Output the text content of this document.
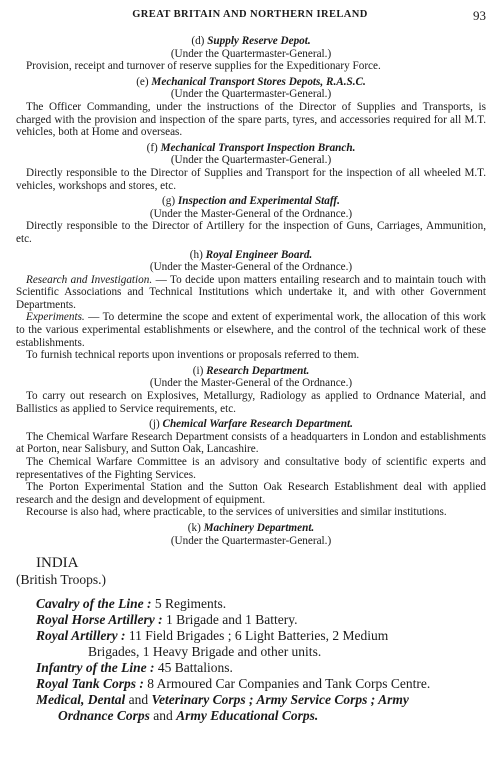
GREAT BRITAIN AND NORTHERN IRELAND	93
(d) Supply Reserve Depot.
(Under the Quartermaster-General.)
Provision, receipt and turnover of reserve supplies for the Expeditionary Force.
(e) Mechanical Transport Stores Depots, R.A.S.C.
(Under the Quartermaster-General.)
The Officer Commanding, under the instructions of the Director of Supplies and Transports, is charged with the provision and inspection of the spare parts, tyres, and accessories required for all M.T. vehicles, both at Home and overseas.
(f) Mechanical Transport Inspection Branch.
(Under the Quartermaster-General.)
Directly responsible to the Director of Supplies and Transport for the inspection of all wheeled M.T. vehicles, workshops and stores, etc.
(g) Inspection and Experimental Staff.
(Under the Master-General of the Ordnance.)
Directly responsible to the Director of Artillery for the inspection of Guns, Carriages, Ammunition, etc.
(h) Royal Engineer Board.
(Under the Master-General of the Ordnance.)
Research and Investigation. — To decide upon matters entailing research and to maintain touch with Scientific Associations and Technical Institutions which undertake it, and with other Government Departments.
Experiments. — To determine the scope and extent of experimental work, the allocation of this work to the various experimental establishments or elsewhere, and the control of the technical work of these establishments.
To furnish technical reports upon inventions or proposals referred to them.
(i) Research Department.
(Under the Master-General of the Ordnance.)
To carry out research on Explosives, Metallurgy, Radiology as applied to Ordnance Material, and Ballistics as applied to Service requirements, etc.
(j) Chemical Warfare Research Department.
The Chemical Warfare Research Department consists of a headquarters in London and establishments at Porton, near Salisbury, and Sutton Oak, Lancashire.
The Chemical Warfare Committee is an advisory and consultative body of scientific experts and representatives of the Fighting Services.
The Porton Experimental Station and the Sutton Oak Research Establishment deal with applied research and the design and development of equipment.
Recourse is also had, where practicable, to the services of universities and similar institutions.
(k) Machinery Department.
(Under the Quartermaster-General.)
INDIA
(British Troops.)
Cavalry of the Line : 5 Regiments.
Royal Horse Artillery : 1 Brigade and 1 Battery.
Royal Artillery : 11 Field Brigades ; 6 Light Batteries, 2 Medium
Brigades, 1 Heavy Brigade and other units.
Infantry of the Line : 45 Battalions.
Royal Tank Corps : 8 Armoured Car Companies and Tank Corps Centre.
Medical, Dental and Veterinary Corps ; Army Service Corps ; Army
Ordnance Corps and Army Educational Corps.
